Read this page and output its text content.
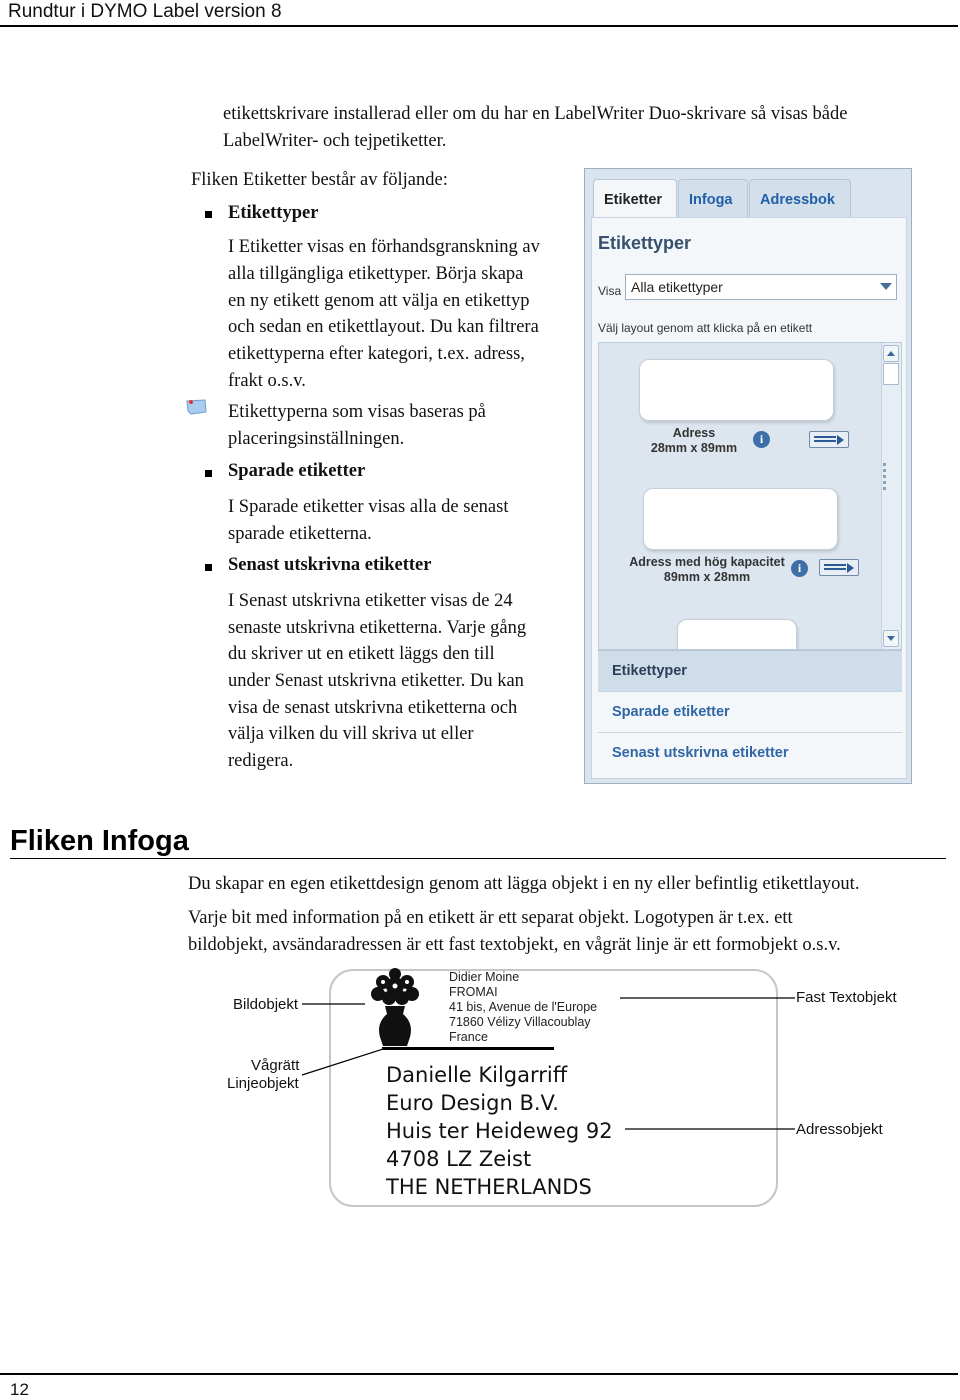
Rundtur i DYMO Label version 8
etikettskrivare installerad eller om du har en LabelWriter Duo-skrivare så visas både
LabelWriter- och tejpetiketter.
Fliken Etiketter består av följande:
Etikettyper
I Etiketter visas en förhandsgranskning av
alla tillgängliga etikettyper. Börja skapa
en ny etikett genom att välja en etikettyp
och sedan en etikettlayout. Du kan filtrera
etikettyperna efter kategori, t.ex. adress,
frakt o.s.v.
Etikettyperna som visas baseras på
placeringsinställningen.
Sparade etiketter
I Sparade etiketter visas alla de senast
sparade etiketterna.
Senast utskrivna etiketter
I Senast utskrivna etiketter visas de 24
senaste utskrivna etiketterna. Varje gång
du skriver ut en etikett läggs den till
under Senast utskrivna etiketter. Du kan
visa de senast utskrivna etiketterna och
välja vilken du vill skriva ut eller
redigera.
Etiketter	Infoga	Adressbok
Etikettyper
Visa Alla etikettyper
Välj layout genom att klicka på en etikett
Adress
28mm x 89mm
i
Adress med hög kapacitet
89mm x 28mm
i
Etikettyper
Sparade etiketter
Senast utskrivna etiketter
Fliken Infoga
Du skapar en egen etikettdesign genom att lägga objekt i en ny eller befintlig etikettlayout.
Varje bit med information på en etikett är ett separat objekt. Logotypen är t.ex. ett
bildobjekt, avsändaradressen är ett fast textobjekt, en vågrät linje är ett formobjekt o.s.v.
Didier Moine
FROMAI
41 bis, Avenue de l'Europe
71860 Vélizy Villacoublay
France
Danielle Kilgarriff
Euro Design B.V.
Huis ter Heideweg 92
4708 LZ Zeist
THE NETHERLANDS
Bildobjekt
Vågrätt
Linjeobjekt
Fast Textobjekt
Adressobjekt
12
